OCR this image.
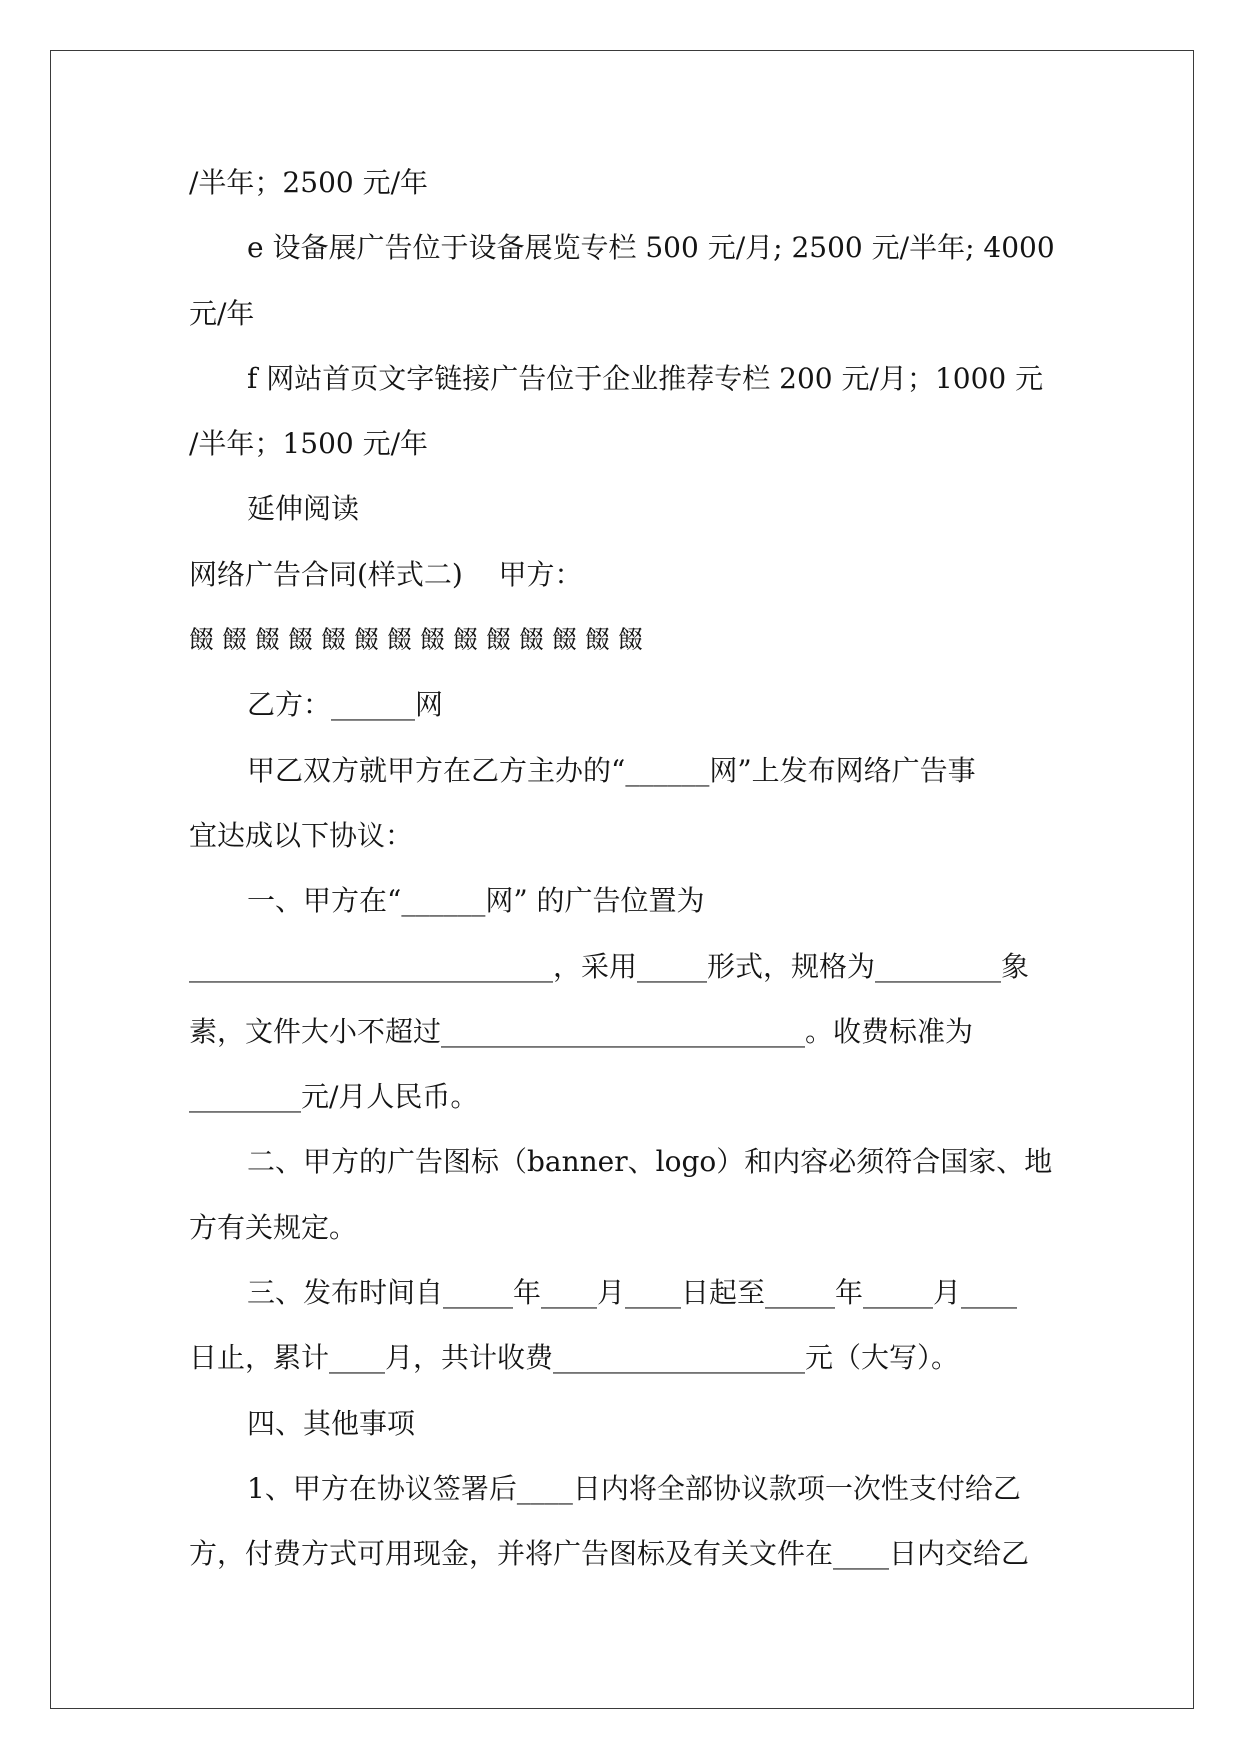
/半年；2500 元/年
e 设备展广告位于设备展览专栏 500 元/月; 2500 元/半年; 4000
元/年
f 网站首页文字链接广告位于企业推荐专栏 200 元/月；1000 元
/半年；1500 元/年
延伸阅读
网络广告合同(样式二)    甲方：
餟餟餟餟餟餟餟餟餟餟餟餟餟餟
乙方：______网
甲乙双方就甲方在乙方主办的“______网”上发布网络广告事
宜达成以下协议：
一、甲方在“______网” 的广告位置为
__________________________，采用_____形式，规格为_________象
素，文件大小不超过__________________________。收费标准为
________元/月人民币。
二、甲方的广告图标（banner、logo）和内容必须符合国家、地
方有关规定。
三、发布时间自_____年____月____日起至_____年_____月____
日止，累计____月，共计收费__________________元（大写）。
四、其他事项
1、甲方在协议签署后____日内将全部协议款项一次性支付给乙
方，付费方式可用现金，并将广告图标及有关文件在____日内交给乙
